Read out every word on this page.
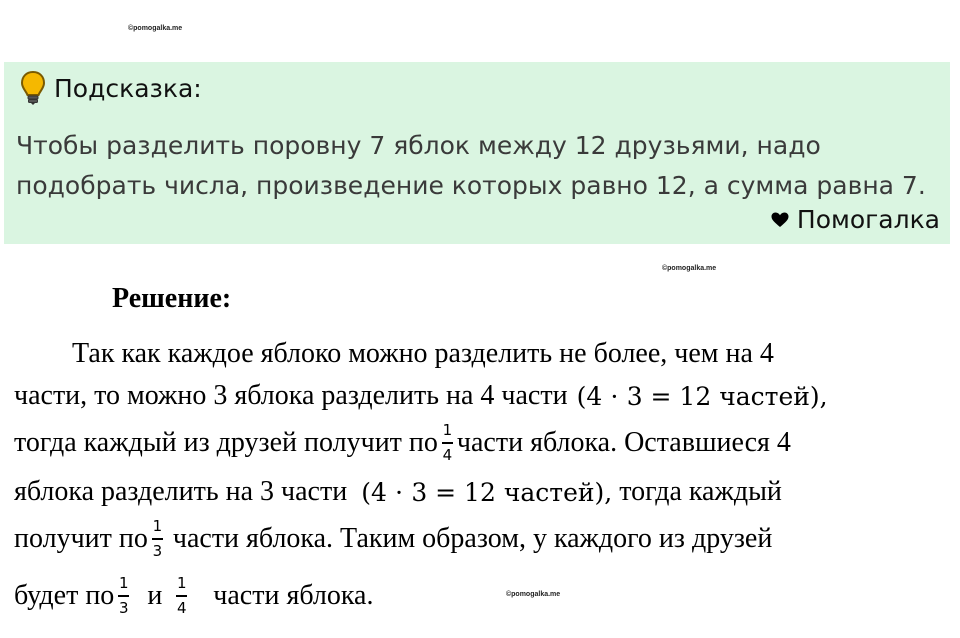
©pomogalka.me
Подсказка:
Чтобы разделить поровну 7 яблок между 12 друзьями, надо
подобрать числа, произведение которых равно 12, а сумма равна 7.
Помогалка
©pomogalka.me
Решение:
Так как каждое яблоко можно разделить не более, чем на 4
части, то можно 3 яблока разделить на 4 части (4 ⋅ 3 = 12 частей),
тогда каждый из друзей получит по $\frac{1}{4}$ части яблока. Оставшиеся 4
яблока разделить на 3 части (4 ⋅ 3 = 12 частей), тогда каждый
получит по $\frac{1}{3}$ части яблока. Таким образом, у каждого из друзей
будет по $\frac{1}{3}$ и $\frac{1}{4}$ части яблока.	©pomogalka.me
